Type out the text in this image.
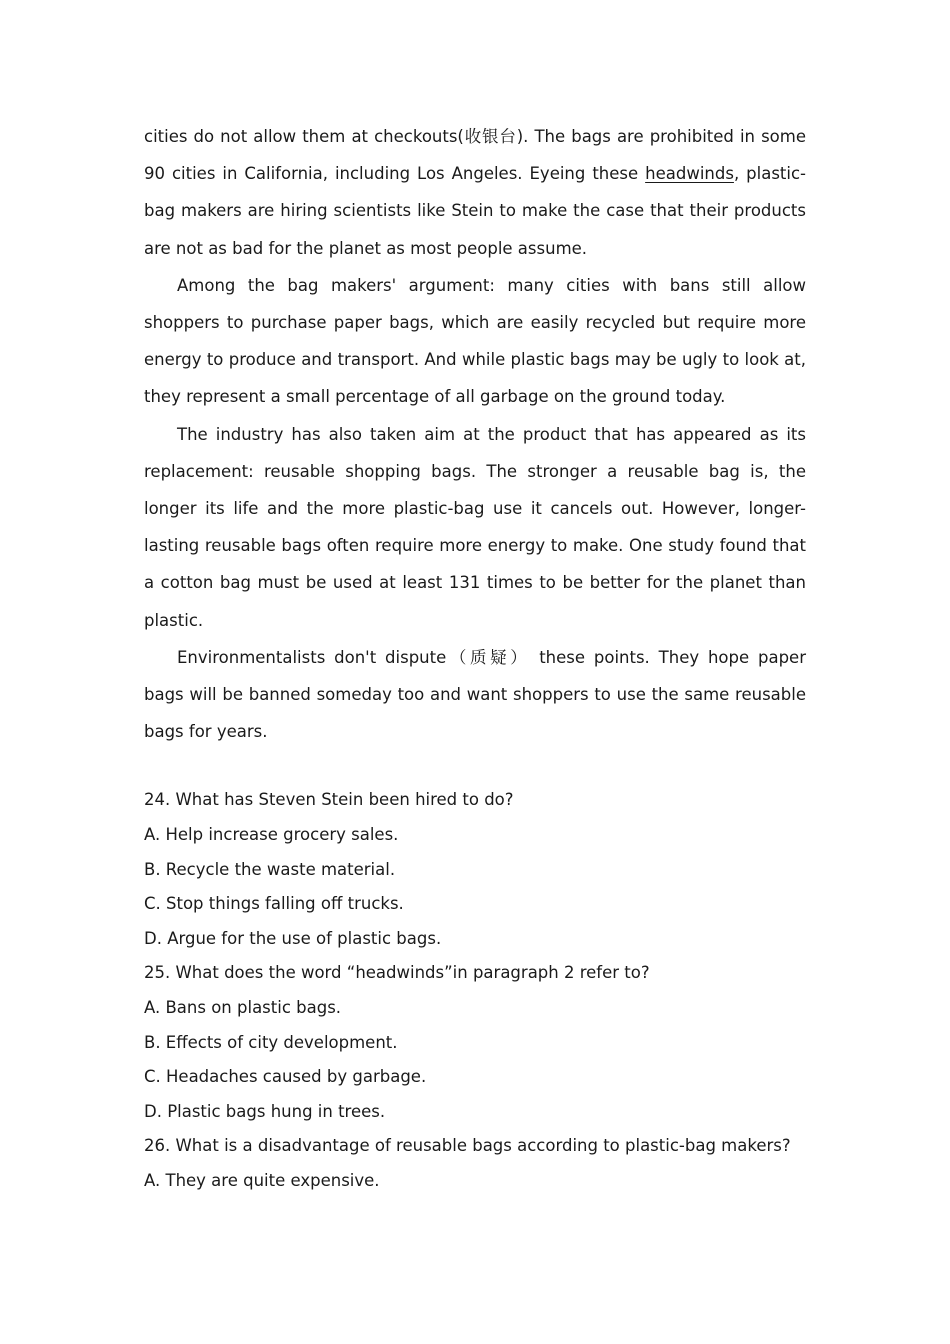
cities do not allow them at checkouts(收银台). The bags are prohibited in some 90 cities in California, including Los Angeles. Eyeing these headwinds, plastic-bag makers are hiring scientists like Stein to make the case that their products are not as bad for the planet as most people assume.

Among the bag makers' argument: many cities with bans still allow shoppers to purchase paper bags, which are easily recycled but require more energy to produce and transport. And while plastic bags may be ugly to look at, they represent a small percentage of all garbage on the ground today.

The industry has also taken aim at the product that has appeared as its replacement: reusable shopping bags. The stronger a reusable bag is, the longer its life and the more plastic-bag use it cancels out. However, longer-lasting reusable bags often require more energy to make. One study found that a cotton bag must be used at least 131 times to be better for the planet than plastic.

Environmentalists don't dispute（质疑） these points. They hope paper bags will be banned someday too and want shoppers to use the same reusable bags for years.

24. What has Steven Stein been hired to do?

A. Help increase grocery sales.

B. Recycle the waste material.

C. Stop things falling off trucks.

D. Argue for the use of plastic bags.

25. What does the word “headwinds”in paragraph 2 refer to?

A. Bans on plastic bags.

B. Effects of city development.

C. Headaches caused by garbage.

D. Plastic bags hung in trees.

26. What is a disadvantage of reusable bags according to plastic-bag makers?

A. They are quite expensive.
